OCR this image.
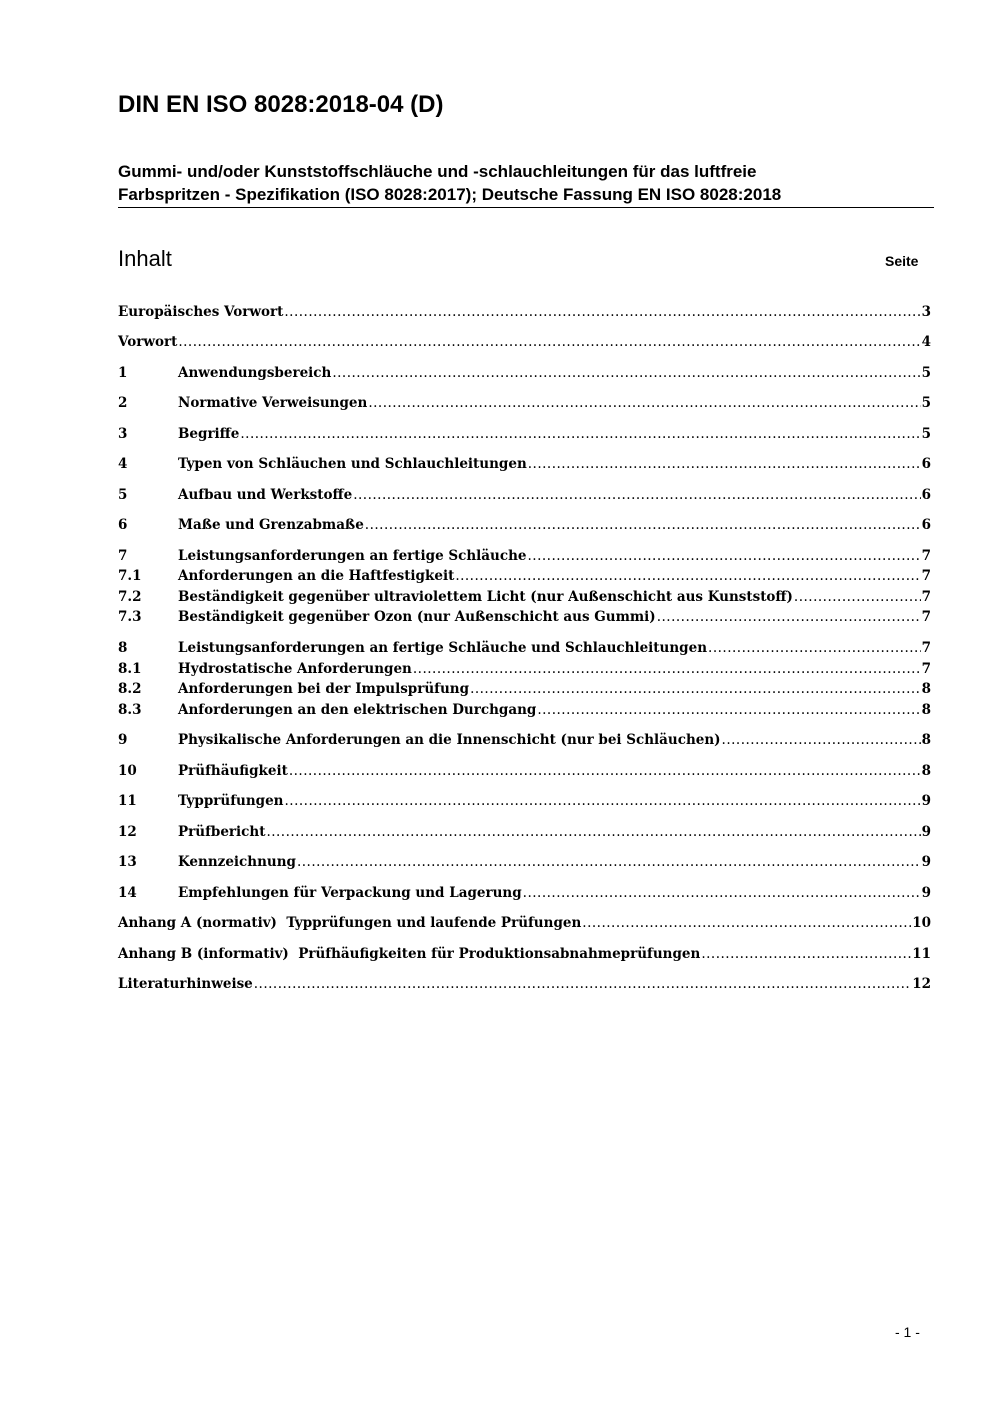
DIN EN ISO 8028:2018-04 (D)
Gummi- und/oder Kunststoffschläuche und -schlauchleitungen für das luftfreie
Farbspritzen - Spezifikation (ISO 8028:2017); Deutsche Fassung EN ISO 8028:2018
Inhalt	Seite
Europäisches Vorwort .....	3
Vorwort .....	4
1	Anwendungsbereich .....	5
2	Normative Verweisungen .....	5
3	Begriffe .....	5
4	Typen von Schläuchen und Schlauchleitungen .....	6
5	Aufbau und Werkstoffe .....	6
6	Maße und Grenzabmaße .....	6
7	Leistungsanforderungen an fertige Schläuche .....	7
7.1	Anforderungen an die Haftfestigkeit .....	7
7.2	Beständigkeit gegenüber ultraviolettem Licht (nur Außenschicht aus Kunststoff) .....	7
7.3	Beständigkeit gegenüber Ozon (nur Außenschicht aus Gummi) .....	7
8	Leistungsanforderungen an fertige Schläuche und Schlauchleitungen .....	7
8.1	Hydrostatische Anforderungen .....	7
8.2	Anforderungen bei der Impulsprüfung .....	8
8.3	Anforderungen an den elektrischen Durchgang .....	8
9	Physikalische Anforderungen an die Innenschicht (nur bei Schläuchen) .....	8
10	Prüfhäufigkeit .....	8
11	Typprüfungen .....	9
12	Prüfbericht .....	9
13	Kennzeichnung .....	9
14	Empfehlungen für Verpackung und Lagerung .....	9
Anhang A (normativ)  Typprüfungen und laufende Prüfungen .....	10
Anhang B (informativ)  Prüfhäufigkeiten für Produktionsabnahmeprüfungen .....	11
Literaturhinweise .....	12
- 1 -
